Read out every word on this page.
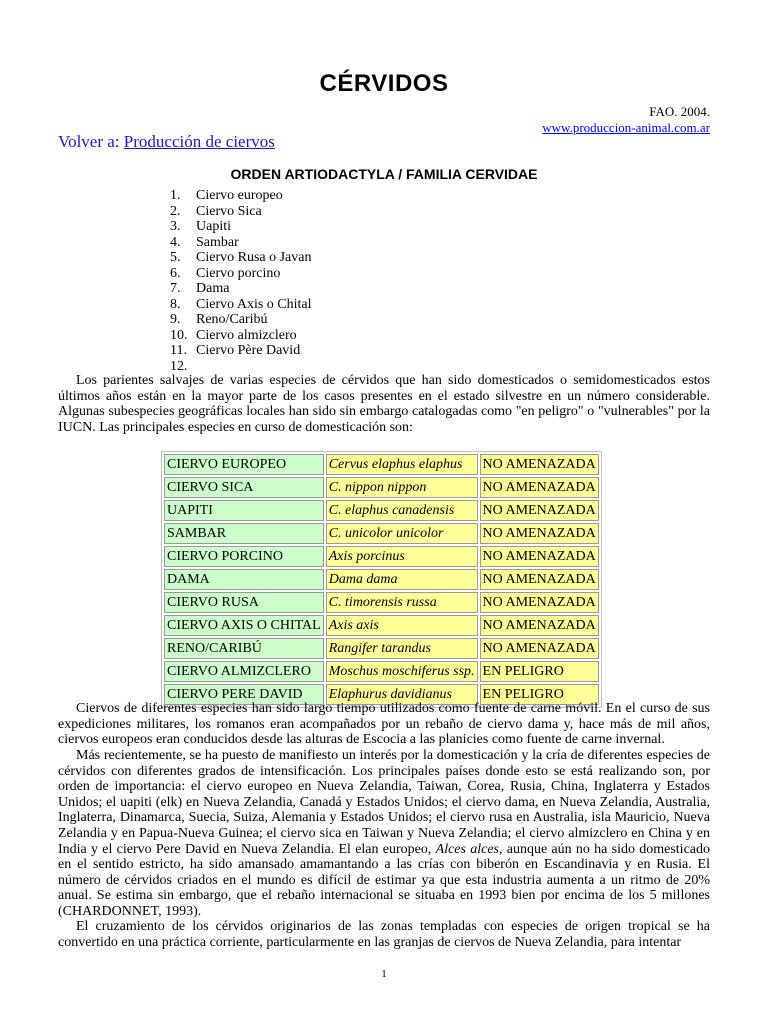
CÉRVIDOS
FAO. 2004.
www.produccion-animal.com.ar
Volver a: Producción de ciervos
ORDEN ARTIODACTYLA / FAMILIA CERVIDAE
1.	Ciervo europeo
2.	Ciervo Sica
3.	Uapiti
4.	Sambar
5.	Ciervo Rusa o Javan
6.	Ciervo porcino
7.	Dama
8.	Ciervo Axis o Chital
9.	Reno/Caribú
10. Ciervo almizclero
11. Ciervo Père David
12.

Los parientes salvajes de varias especies de cérvidos que han sido domesticados o semidomesticados estos últimos años están en la mayor parte de los casos presentes en el estado silvestre en un número considerable. Algunas subespecies geográficas locales han sido sin embargo catalogadas como "en peligro" o "vulnerables" por la IUCN. Las principales especies en curso de domesticación son:

CIERVO EUROPEO	Cervus elaphus elaphus	NO AMENAZADA
CIERVO SICA	C. nippon nippon	NO AMENAZADA
UAPITI	C. elaphus canadensis	NO AMENAZADA
SAMBAR	C. unicolor unicolor	NO AMENAZADA
CIERVO PORCINO	Axis porcinus	NO AMENAZADA
DAMA	Dama dama	NO AMENAZADA
CIERVO RUSA	C. timorensis russa	NO AMENAZADA
CIERVO AXIS O CHITAL	Axis axis	NO AMENAZADA
RENO/CARIBÚ	Rangifer tarandus	NO AMENAZADA
CIERVO ALMIZCLERO	Moschus moschiferus ssp.	EN PELIGRO
CIERVO PERE DAVID	Elaphurus davidianus	EN PELIGRO

Ciervos de diferentes especies han sido largo tiempo utilizados como fuente de carne móvil. En el curso de sus expediciones militares, los romanos eran acompañados por un rebaño de ciervo dama y, hace más de mil años, ciervos europeos eran conducidos desde las alturas de Escocia a las planicies como fuente de carne invernal.

Más recientemente, se ha puesto de manifiesto un interés por la domesticación y la cría de diferentes especies de cérvidos con diferentes grados de intensificación. Los principales países donde esto se está realizando son, por orden de importancia: el ciervo europeo en Nueva Zelandia, Taiwan, Corea, Rusia, China, Inglaterra y Estados Unidos; el uapiti (elk) en Nueva Zelandia, Canadá y Estados Unidos; el ciervo dama, en Nueva Zelandia, Australia, Inglaterra, Dinamarca, Suecia, Suiza, Alemania y Estados Unidos; el ciervo rusa en Australia, isla Mauricio, Nueva Zelandia y en Papua-Nueva Guinea; el ciervo sica en Taiwan y Nueva Zelandia; el ciervo almizclero en China y en India y el ciervo Pere David en Nueva Zelandia. El elan europeo, Alces alces, aunque aún no ha sido domesticado en el sentido estricto, ha sido amansado amamantando a las crías con biberón en Escandinavia y en Rusia. El número de cérvidos criados en el mundo es difícil de estimar ya que esta industria aumenta a un ritmo de 20% anual. Se estima sin embargo, que el rebaño internacional se situaba en 1993 bien por encima de los 5 millones (CHARDONNET, 1993).

El cruzamiento de los cérvidos originarios de las zonas templadas con especies de origen tropical se ha convertido en una práctica corriente, particularmente en las granjas de ciervos de Nueva Zelandia, para intentar

1
